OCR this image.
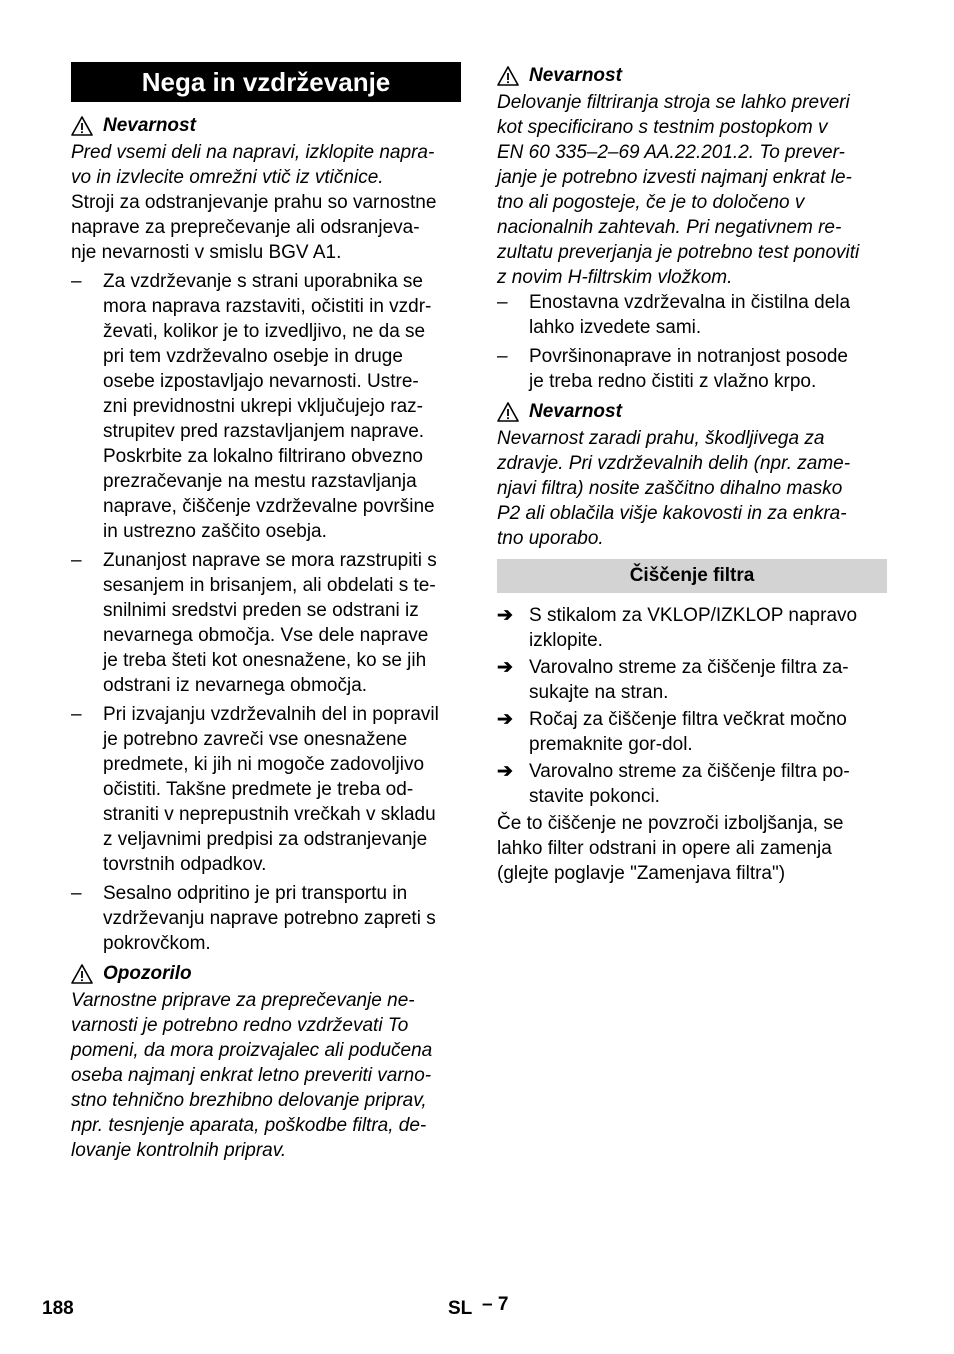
Nega in vzdrževanje
Nevarnost
Pred vsemi deli na napravi, izklopite napra-
vo in izvlecite omrežni vtič iz vtičnice.
Stroji za odstranjevanje prahu so varnostne
naprave za preprečevanje ali odsranjeva-
nje nevarnosti v smislu BGV A1.
–	Za vzdrževanje s strani uporabnika se
mora naprava razstaviti, očistiti in vzdr-
ževati, kolikor je to izvedljivo, ne da se
pri tem vzdrževalno osebje in druge
osebe izpostavljajo nevarnosti. Ustre-
zni previdnostni ukrepi vključujejo raz-
strupitev pred razstavljanjem naprave.
Poskrbite za lokalno filtrirano obvezno
prezračevanje na mestu razstavljanja
naprave, čiščenje vzdrževalne površine
in ustrezno zaščito osebja.
–	Zunanjost naprave se mora razstrupiti s
sesanjem in brisanjem, ali obdelati s te-
snilnimi sredstvi preden se odstrani iz
nevarnega območja. Vse dele naprave
je treba šteti kot onesnažene, ko se jih
odstrani iz nevarnega območja.
–	Pri izvajanju vzdrževalnih del in popravil
je potrebno zavreči vse onesnažene
predmete, ki jih ni mogoče zadovoljivo
očistiti. Takšne predmete je treba od-
straniti v neprepustnih vrečkah v skladu
z veljavnimi predpisi za odstranjevanje
tovrstnih odpadkov.
–	Sesalno odpritino je pri transportu in
vzdrževanju naprave potrebno zapreti s
pokrovčkom.
Opozorilo
Varnostne priprave za preprečevanje ne-
varnosti je potrebno redno vzdrževati To
pomeni, da mora proizvajalec ali podučena
oseba najmanj enkrat letno preveriti varno-
stno tehnično brezhibno delovanje priprav,
npr. tesnjenje aparata, poškodbe filtra, de-
lovanje kontrolnih priprav.
Nevarnost
Delovanje filtriranja stroja se lahko preveri
kot specificirano s testnim postopkom v
EN 60 335–2–69 AA.22.201.2. To prever-
janje je potrebno izvesti najmanj enkrat le-
tno ali pogosteje, če je to določeno v
nacionalnih zahtevah. Pri negativnem re-
zultatu preverjanja je potrebno test ponoviti
z novim H-filtrskim vložkom.
–	Enostavna vzdrževalna in čistilna dela
lahko izvedete sami.
–	Površinonaprave in notranjost posode
je treba redno čistiti z vlažno krpo.
Nevarnost
Nevarnost zaradi prahu, škodljivega za
zdravje. Pri vzdrževalnih delih (npr. zame-
njavi filtra) nosite zaščitno dihalno masko
P2 ali oblačila višje kakovosti in za enkra-
tno uporabo.
Čiščenje filtra
➔ S stikalom za VKLOP/IZKLOP napravo
izklopite.
➔ Varovalno streme za čiščenje filtra za-
sukajte na stran.
➔ Ročaj za čiščenje filtra večkrat močno
premaknite gor-dol.
➔ Varovalno streme za čiščenje filtra po-
stavite pokonci.
Če to čiščenje ne povzroči izboljšanja, se
lahko filter odstrani in opere ali zamenja
(glejte poglavje "Zamenjava filtra")
188	SL – 7
